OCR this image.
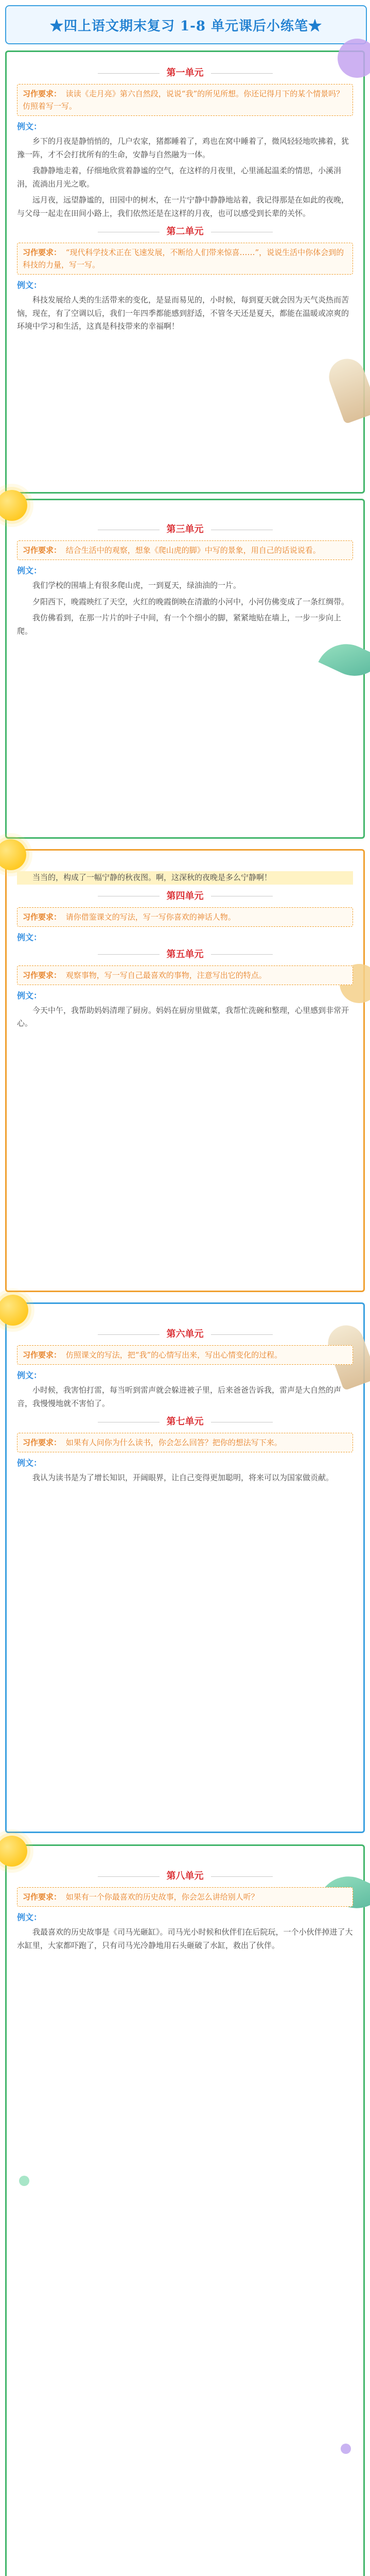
★四上语文期末复习 1-8 单元课后小练笔★
第一单元
习作要求： 读读《走月亮》第六自然段，说说“我”的所见所想。你还记得月下的某个情景吗？仿照着写一写。
例文：

乡下的月夜是静悄悄的，几户农家，猪都睡着了，鸡也在窝中睡着了，微风轻轻地吹拂着，犹豫一阵，才不会打扰所有的生命，安静与自然融为一体。

我静静地走着，仔细地欣赏着静谧的空气，在这样的月夜里，心里涌起温柔的情思，小溪涓涓，流淌出月光之歌。

远月夜，远望静谧的，田园中的树木，在一片宁静中静静地站着，我记得那是在如此的夜晚，与父母一起走在田间小路上，我们依然还是在这样的月夜，也可以感受到长辈的关怀。

第二单元
习作要求： “现代科学技术正在飞速发展，不断给人们带来惊喜……”，说说生活中你体会到的科技的力量，写一写。
例文：

科技发展给人类的生活带来的变化，是显而易见的，小时候，每到夏天就会因为天气炎热而苦恼，现在，有了空调以后，我们一年四季都能感到舒适，不管冬天还是夏天，都能在温暖或凉爽的环境中学习和生活，这真是科技带来的幸福啊！

第三单元
习作要求： 结合生活中的观察，想象《爬山虎的脚》中写的景象，用自己的话说说看。
例文：

我们学校的围墙上有很多爬山虎，一到夏天，绿油油的一片。

夕阳西下，晚霞映红了天空，火红的晚霞倒映在清澈的小河中，小河仿佛变成了一条红绸带。

我仿佛看到，在那一片片的叶子中间，有一个个细小的脚，紧紧地贴在墙上，一步一步向上爬。

当当的，构成了一幅宁静的秋夜图。啊，这深秋的夜晚是多么宁静啊！

第四单元
习作要求： 请你借鉴课文的写法，写一写你喜欢的神话人物。
例文：
第五单元
习作要求： 观察事物，写一写自己最喜欢的事物，注意写出它的特点。
例文：

今天中午，我帮助妈妈清理了厨房。妈妈在厨房里做菜，我帮忙洗碗和整理，心里感到非常开心。

第六单元
习作要求： 仿照课文的写法，把“我”的心情写出来，写出心情变化的过程。
例文：

小时候，我害怕打雷，每当听到雷声就会躲进被子里，后来爸爸告诉我，雷声是大自然的声音，我慢慢地就不害怕了。

第七单元
习作要求： 如果有人问你为什么读书，你会怎么回答？把你的想法写下来。
例文：

我认为读书是为了增长知识，开阔眼界，让自己变得更加聪明，将来可以为国家做贡献。

第八单元
习作要求： 如果有一个你最喜欢的历史故事，你会怎么讲给别人听？
例文：

我最喜欢的历史故事是《司马光砸缸》。司马光小时候和伙伴们在后院玩，一个小伙伴掉进了大水缸里，大家都吓跑了，只有司马光冷静地用石头砸破了水缸，救出了伙伴。
